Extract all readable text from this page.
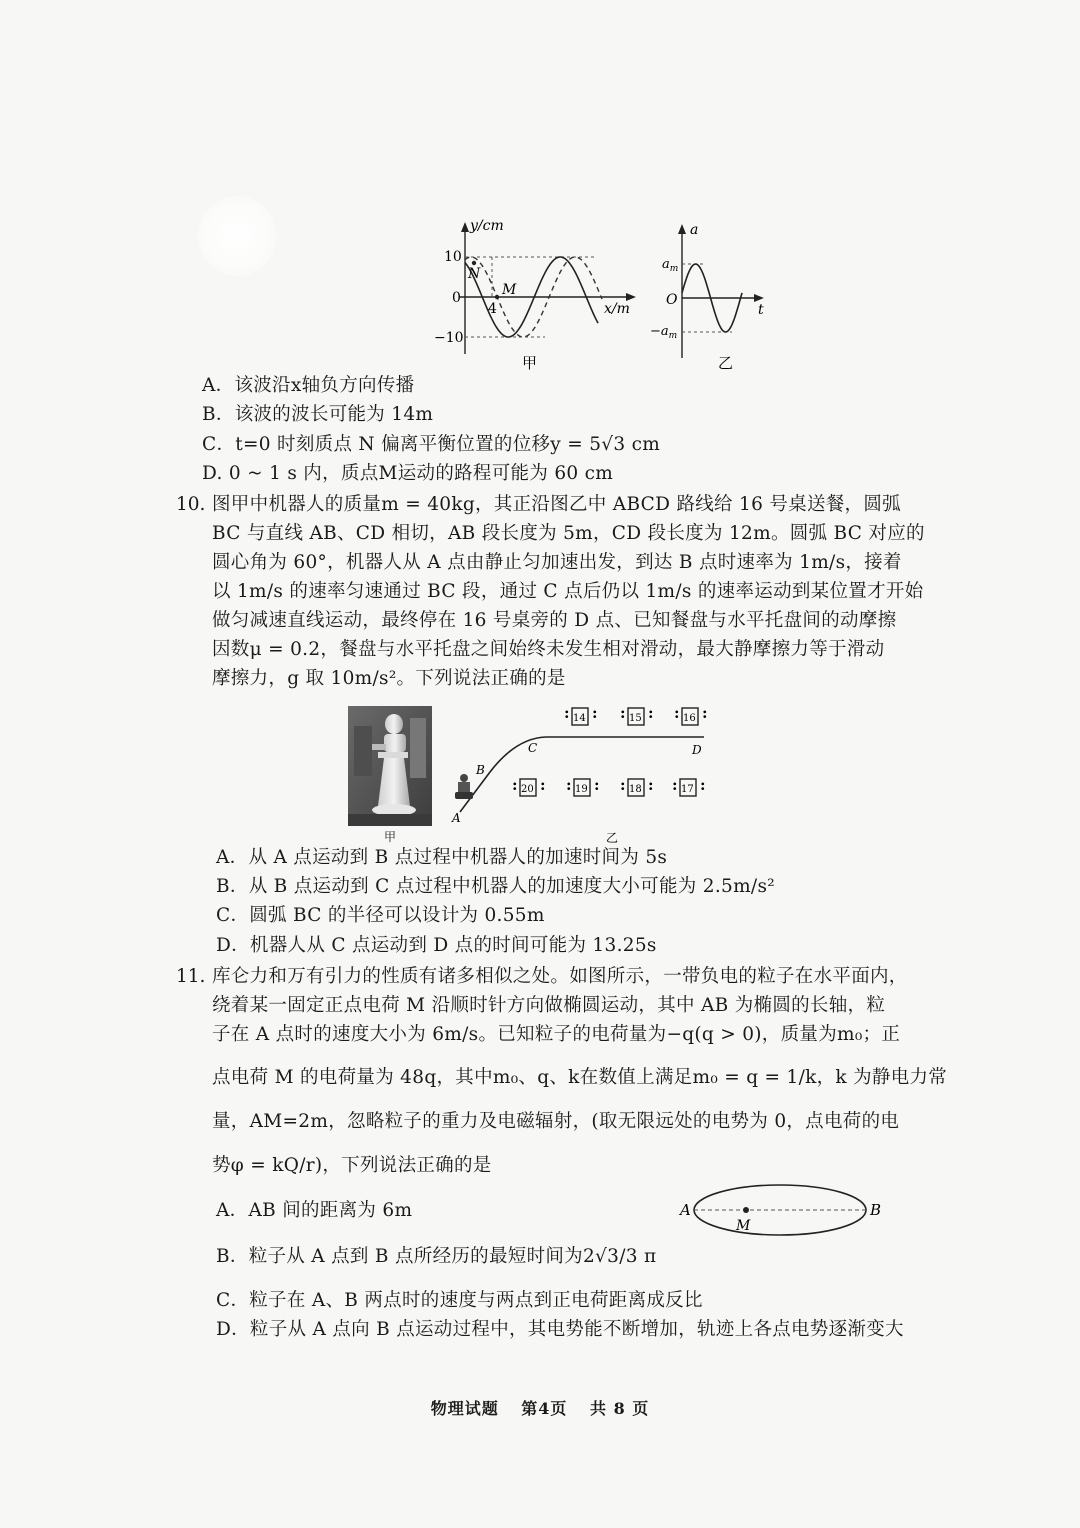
y/cm
10
0
−10
4
N
M
x/m
甲
a
$a_m$
O
$-a_m$
t
乙
A．该波沿x轴负方向传播
B．该波的波长可能为 14m
C．t=0 时刻质点 N 偏离平衡位置的位移y = 5√3 cm
D. 0 ~ 1 s 内，质点M运动的路程可能为 60 cm
10. 图甲中机器人的质量m = 40kg，其正沿图乙中 ABCD 路线给 16 号桌送餐，圆弧
BC 与直线 AB、CD 相切，AB 段长度为 5m，CD 段长度为 12m。圆弧 BC 对应的
圆心角为 60°，机器人从 A 点由静止匀加速出发，到达 B 点时速率为 1m/s，接着
以 1m/s 的速率匀速通过 BC 段，通过 C 点后仍以 1m/s 的速率运动到某位置才开始
做匀减速直线运动，最终停在 16 号桌旁的 D 点、已知餐盘与水平托盘间的动摩擦
因数μ = 0.2，餐盘与水平托盘之间始终未发生相对滑动，最大静摩擦力等于滑动
摩擦力，g 取 10m/s²。下列说法正确的是
甲
A
B
C	D
: 14 : : 15 : : 16 :
: 20 : : 19 : : 18 : : 17 :
乙
A．从 A 点运动到 B 点过程中机器人的加速时间为 5s
B．从 B 点运动到 C 点过程中机器人的加速度大小可能为 2.5m/s²
C．圆弧 BC 的半径可以设计为 0.55m
D．机器人从 C 点运动到 D 点的时间可能为 13.25s
11. 库仑力和万有引力的性质有诸多相似之处。如图所示，一带负电的粒子在水平面内，
绕着某一固定正点电荷 M 沿顺时针方向做椭圆运动，其中 AB 为椭圆的长轴，粒
子在 A 点时的速度大小为 6m/s。已知粒子的电荷量为−q(q > 0)，质量为m₀；正
点电荷 M 的电荷量为 48q，其中m₀、q、k在数值上满足m₀ = q = 1/k，k 为静电力常
量，AM=2m，忽略粒子的重力及电磁辐射，(取无限远处的电势为 0，点电荷的电
势φ = kQ/r)，下列说法正确的是
A	B
M
A．AB 间的距离为 6m
B．粒子从 A 点到 B 点所经历的最短时间为2√3/3 π
C．粒子在 A、B 两点时的速度与两点到正电荷距离成反比
D．粒子从 A 点向 B 点运动过程中，其电势能不断增加，轨迹上各点电势逐渐变大
物理试题 第4页 共 8 页
